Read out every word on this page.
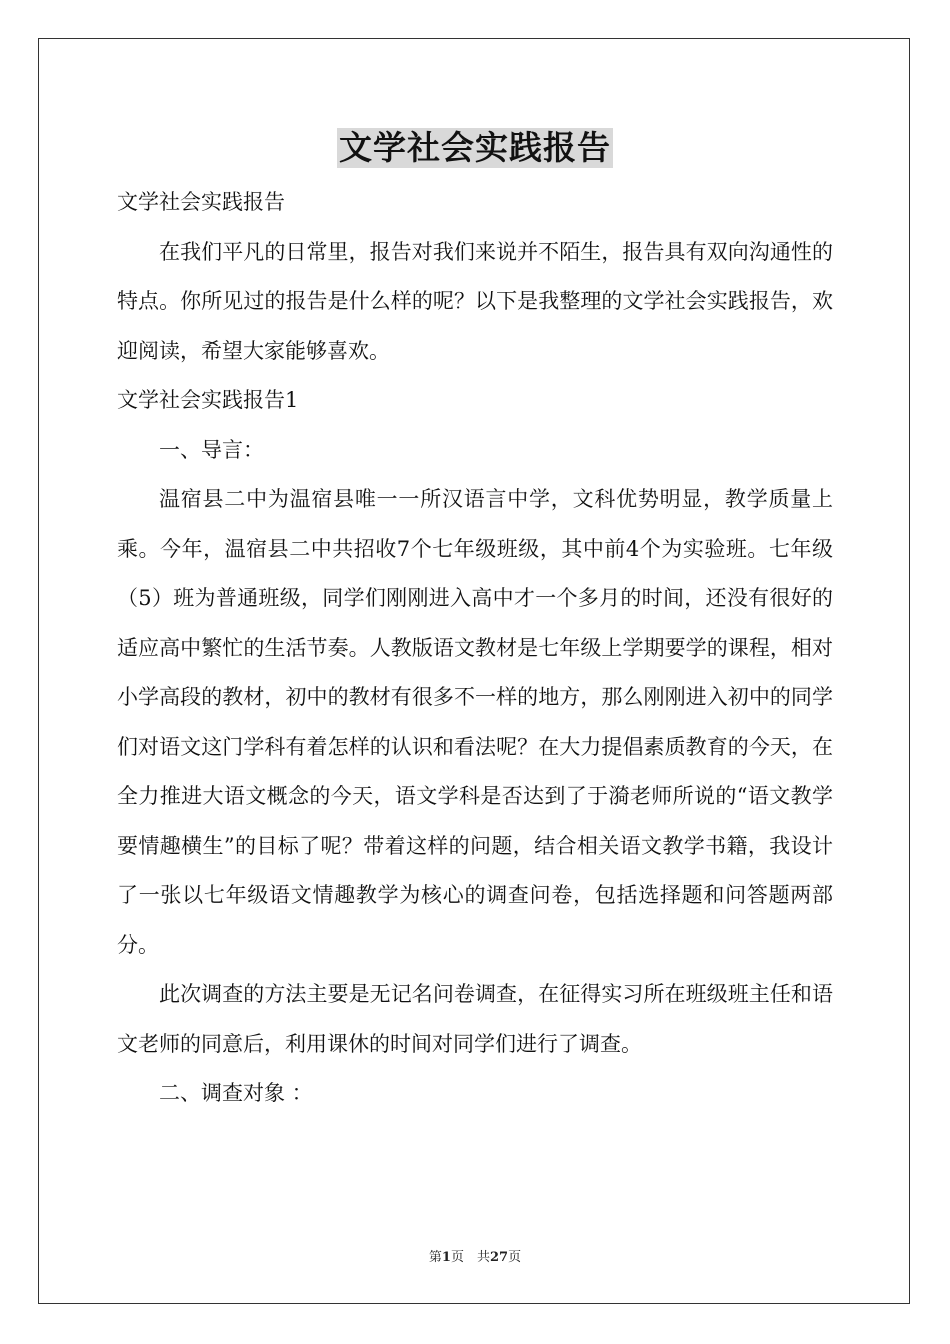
文学社会实践报告

文学社会实践报告

在我们平凡的日常里，报告对我们来说并不陌生，报告具有双向沟通性的特点。你所见过的报告是什么样的呢？以下是我整理的文学社会实践报告，欢迎阅读，希望大家能够喜欢。

文学社会实践报告1

一、导言：

温宿县二中为温宿县唯一一所汉语言中学，文科优势明显，教学质量上乘。今年，温宿县二中共招收7个七年级班级，其中前4个为实验班。七年级（5）班为普通班级，同学们刚刚进入高中才一个多月的时间，还没有很好的适应高中繁忙的生活节奏。人教版语文教材是七年级上学期要学的课程，相对小学高段的教材，初中的教材有很多不一样的地方，那么刚刚进入初中的同学们对语文这门学科有着怎样的认识和看法呢？在大力提倡素质教育的今天，在全力推进大语文概念的今天，语文学科是否达到了于漪老师所说的“语文教学要情趣横生”的目标了呢？带着这样的问题，结合相关语文教学书籍，我设计了一张以七年级语文情趣教学为核心的调查问卷，包括选择题和问答题两部分。

此次调查的方法主要是无记名问卷调查，在征得实习所在班级班主任和语文老师的同意后，利用课休的时间对同学们进行了调查。

二、调查对象 ：

第1页　共27页
